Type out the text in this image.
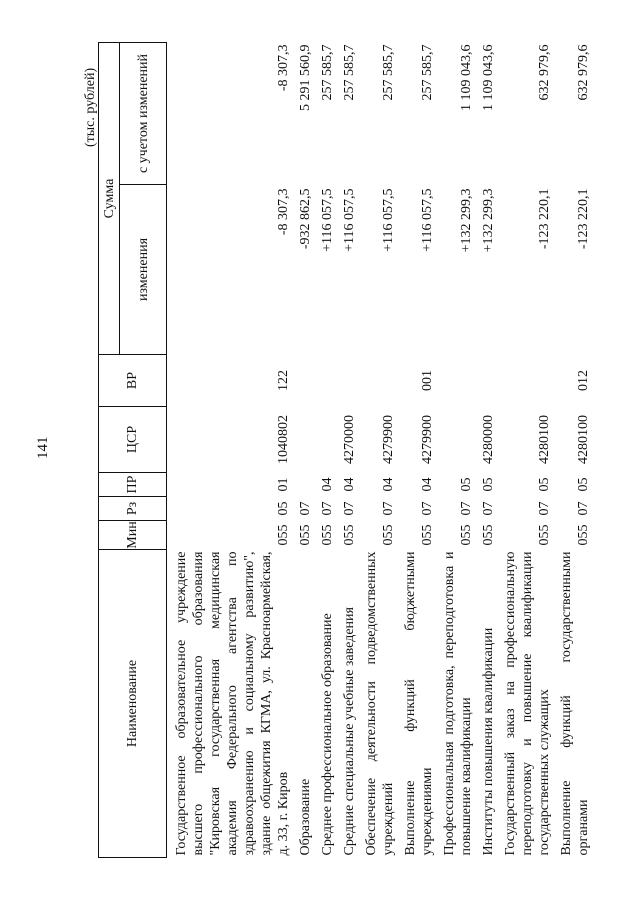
141
(тыс. рублей)
Наименование	Мин	Рз	ПР	ЦСР	ВР	Сумма	
						изменения	с учетом изменений
Государственное образовательное учреждение высшего профессионального образования "Кировская государственная медицинская академия Федерального агентства по здравоохранению и социальному развитию", здание общежития КГМА, ул. Красноармейская, д. 33, г. Киров	055	05	01	1040802	122	-8 307,3	-8 307,3
Образование	055	07				-932 862,5	5 291 560,9
Среднее профессиональное образование	055	07	04			+116 057,5	257 585,7
Средние специальные учебные заведения	055	07	04	4270000		+116 057,5	257 585,7
Обеспечение деятельности подведомственных учреждений	055	07	04	4279900		+116 057,5	257 585,7
Выполнение функций бюджетными учреждениями	055	07	04	4279900	001	+116 057,5	257 585,7
Профессиональная подготовка, переподготовка и повышение квалификации	055	07	05			+132 299,3	1 109 043,6
Институты повышения квалификации	055	07	05	4280000		+132 299,3	1 109 043,6
Государственный заказ на профессиональную переподготовку и повышение квалификации государственных служащих	055	07	05	4280100		-123 220,1	632 979,6
Выполнение функций государственными органами	055	07	05	4280100	012	-123 220,1	632 979,6
